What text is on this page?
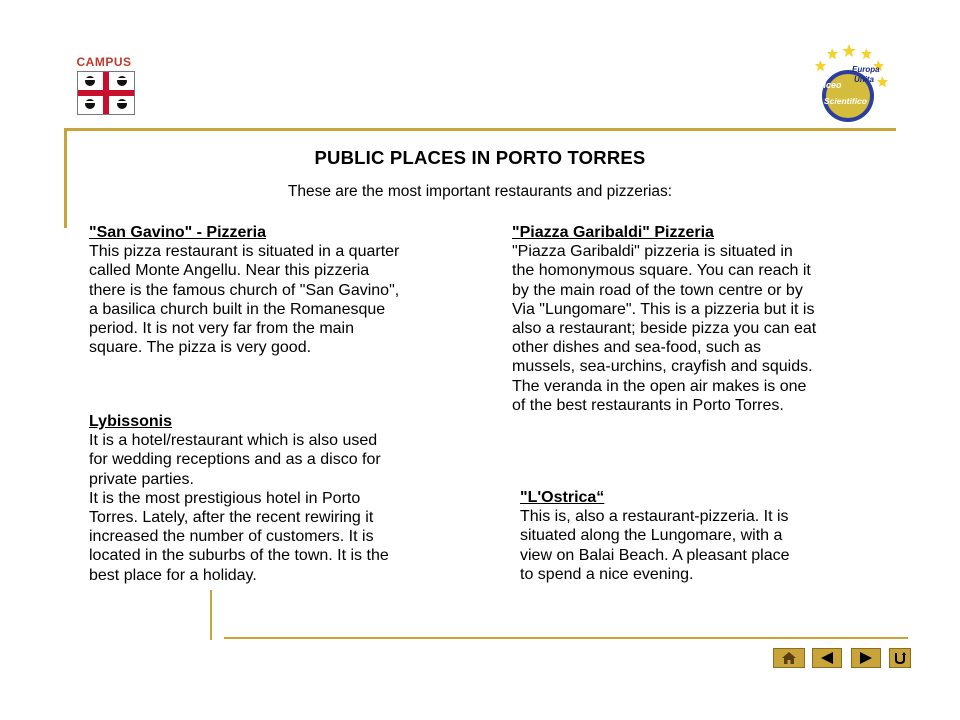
CAMPUS
Europa
Unita
Liceo
Scientifico
PUBLIC PLACES IN PORTO TORRES
These are the most important restaurants and pizzerias:

"San Gavino" - Pizzeria

This pizza restaurant is situated in a quarter

called Monte Angellu. Near this pizzeria

there is the famous church of "San Gavino",

a basilica church built in the Romanesque

period. It is not very far from the main

square. The pizza is very good.

Lybissonis

It is a hotel/restaurant which is also used

for wedding receptions and as a disco for

private parties.

It is the most prestigious hotel in Porto

Torres. Lately, after the recent rewiring it

increased the number of customers. It is

located in the suburbs of the town. It is the

best place for a holiday.

"Piazza Garibaldi" Pizzeria

"Piazza Garibaldi" pizzeria is situated in

the homonymous square. You can reach it

by the main road of the town centre or by

Via "Lungomare". This is a pizzeria but it is

also a restaurant; beside pizza you can eat

other dishes and sea-food, such as

mussels, sea-urchins, crayfish and squids.

The veranda in the open air makes is one

of the best restaurants in Porto Torres.

"L'Ostrica“

This is, also a restaurant-pizzeria. It is

situated along the Lungomare, with a

view on Balai Beach. A pleasant place

to spend a nice evening.
